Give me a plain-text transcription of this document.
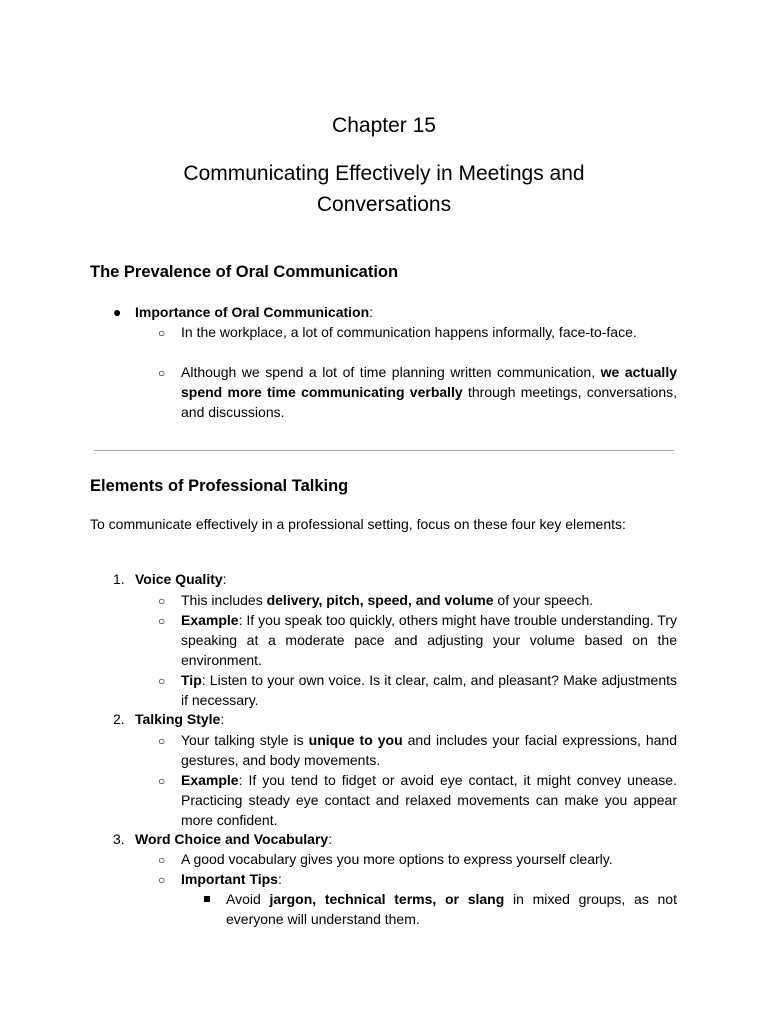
Chapter 15
Communicating Effectively in Meetings and
Conversations
The Prevalence of Oral Communication
● Importance of Oral Communication:
○ In the workplace, a lot of communication happens informally, face-to-face.
○ Although we spend a lot of time planning written communication, we actually spend more time communicating verbally through meetings, conversations, and discussions.
Elements of Professional Talking
To communicate effectively in a professional setting, focus on these four key elements:
1. Voice Quality:
○ This includes delivery, pitch, speed, and volume of your speech.
○ Example: If you speak too quickly, others might have trouble understanding. Try speaking at a moderate pace and adjusting your volume based on the environment.
○ Tip: Listen to your own voice. Is it clear, calm, and pleasant? Make adjustments if necessary.
2. Talking Style:
○ Your talking style is unique to you and includes your facial expressions, hand gestures, and body movements.
○ Example: If you tend to fidget or avoid eye contact, it might convey unease. Practicing steady eye contact and relaxed movements can make you appear more confident.
3. Word Choice and Vocabulary:
○ A good vocabulary gives you more options to express yourself clearly.
○ Important Tips:
Avoid jargon, technical terms, or slang in mixed groups, as not everyone will understand them.
